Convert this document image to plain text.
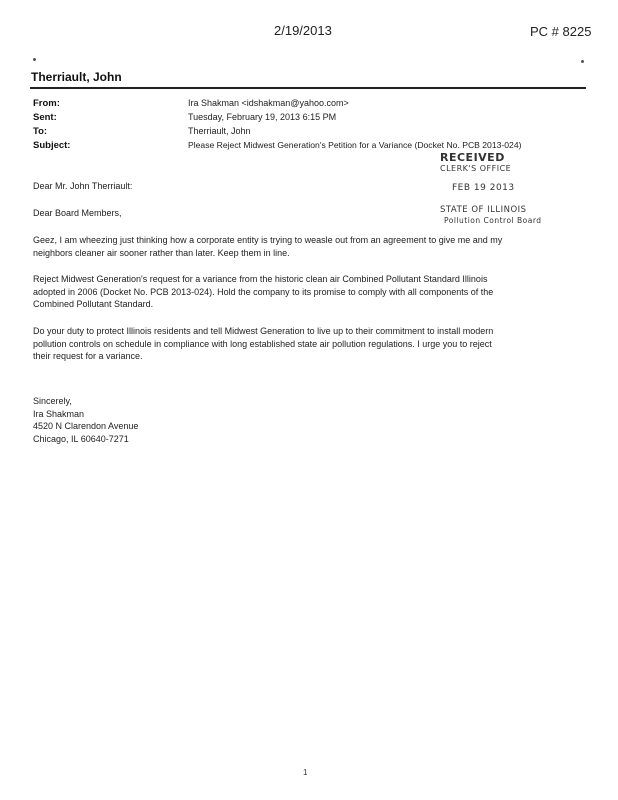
2/19/2013	PC # 8225
Therriault, John
From:	Ira Shakman <idshakman@yahoo.com>
Sent:	Tuesday, February 19, 2013 6:15 PM
To:	Therriault, John
Subject:	Please Reject Midwest Generation's Petition for a Variance (Docket No. PCB 2013-024)
RECEIVED
CLERK'S OFFICE
FEB 19 2013
STATE OF ILLINOIS
Pollution Control Board
Dear Mr. John Therriault:
Dear Board Members,
Geez, I am wheezing just thinking how a corporate entity is trying to weasle out from an agreement to give me and my
neighbors cleaner air sooner rather than later. Keep them in line.
Reject Midwest Generation's request for a variance from the historic clean air Combined Pollutant Standard Illinois
adopted in 2006 (Docket No. PCB 2013-024). Hold the company to its promise to comply with all components of the
Combined Pollutant Standard.
Do your duty to protect Illinois residents and tell Midwest Generation to live up to their commitment to install modern
pollution controls on schedule in compliance with long established state air pollution regulations. I urge you to reject
their request for a variance.
Sincerely,
Ira Shakman
4520 N Clarendon Avenue
Chicago, IL 60640-7271
1
